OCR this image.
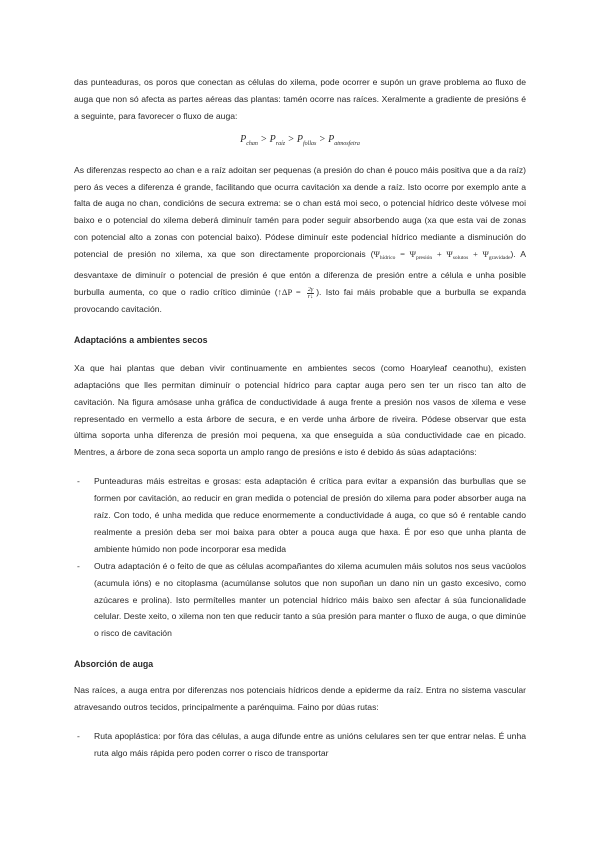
das punteaduras, os poros que conectan as células do xilema, pode ocorrer e supón un grave problema ao fluxo de auga que non só afecta as partes aéreas das plantas: tamén ocorre nas raíces. Xeralmente a gradiente de presións é a seguinte, para favorecer o fluxo de auga:

$P_{chan} > P_{raíz} > P_{follas} > P_{atmosfeira}$

As diferenzas respecto ao chan e a raíz adoitan ser pequenas (a presión do chan é pouco máis positiva que a da raíz) pero ás veces a diferenza é grande, facilitando que ocurra cavitación xa dende a raíz. Isto ocorre por exemplo ante a falta de auga no chan, condicións de secura extrema: se o chan está moi seco, o potencial hídrico deste vólvese moi baixo e o potencial do xilema deberá diminuír tamén para poder seguir absorbendo auga (xa que esta vai de zonas con potencial alto a zonas con potencial baixo). Pódese diminuír este podencial hídrico mediante a disminución do potencial de presión no xilema, xa que son directamente proporcionais $(\Psi_{hídrico} = \Psi_{presión} + \Psi_{solutos} + \Psi_{gravidade})$. A desvantaxe de diminuír o potencial de presión é que entón a diferenza de presión entre a célula e unha posible burbulla aumenta, co que o radio crítico diminúe (↑ΔP = $\frac{2\gamma}{r↓}$ ). Isto fai máis probable que a burbulla se expanda provocando cavitación.

Adaptacións a ambientes secos

Xa que hai plantas que deban vivir continuamente en ambientes secos (como Hoaryleaf ceanothu), existen adaptacións que lles permitan diminuír o potencial hídrico para captar auga pero sen ter un risco tan alto de cavitación. Na figura amósase unha gráfica de conductividade á auga frente a presión nos vasos de xilema e vese representado en vermello a esta árbore de secura, e en verde unha árbore de riveira. Pódese observar que esta última soporta unha diferenza de presión moi pequena, xa que enseguida a súa conductividade cae en picado. Mentres, a árbore de zona seca soporta un amplo rango de presións e isto é debido ás súas adaptacións:

- Punteaduras máis estreitas e grosas: esta adaptación é crítica para evitar a expansión das burbullas que se formen por cavitación, ao reducir en gran medida o potencial de presión do xilema para poder absorber auga na raíz. Con todo, é unha medida que reduce enormemente a conductividade á auga, co que só é rentable cando realmente a presión deba ser moi baixa para obter a pouca auga que haxa. É por eso que unha planta de ambiente húmido non pode incorporar esa medida
- Outra adaptación é o feito de que as células acompañantes do xilema acumulen máis solutos nos seus vacúolos (acumula ións) e no citoplasma (acumúlanse solutos que non supoñan un dano nin un gasto excesivo, como azúcares e prolina). Isto permítelles manter un potencial hídrico máis baixo sen afectar á súa funcionalidade celular. Deste xeito, o xilema non ten que reducir tanto a súa presión para manter o fluxo de auga, o que diminúe o risco de cavitación
Absorción de auga

Nas raíces, a auga entra por diferenzas nos potenciais hídricos dende a epiderme da raíz. Entra no sistema vascular atravesando outros tecidos, principalmente a parénquima. Faino por dúas rutas:

- Ruta apoplástica: por fóra das células, a auga difunde entre as unións celulares sen ter que entrar nelas. É unha ruta algo máis rápida pero poden correr o risco de transportar
